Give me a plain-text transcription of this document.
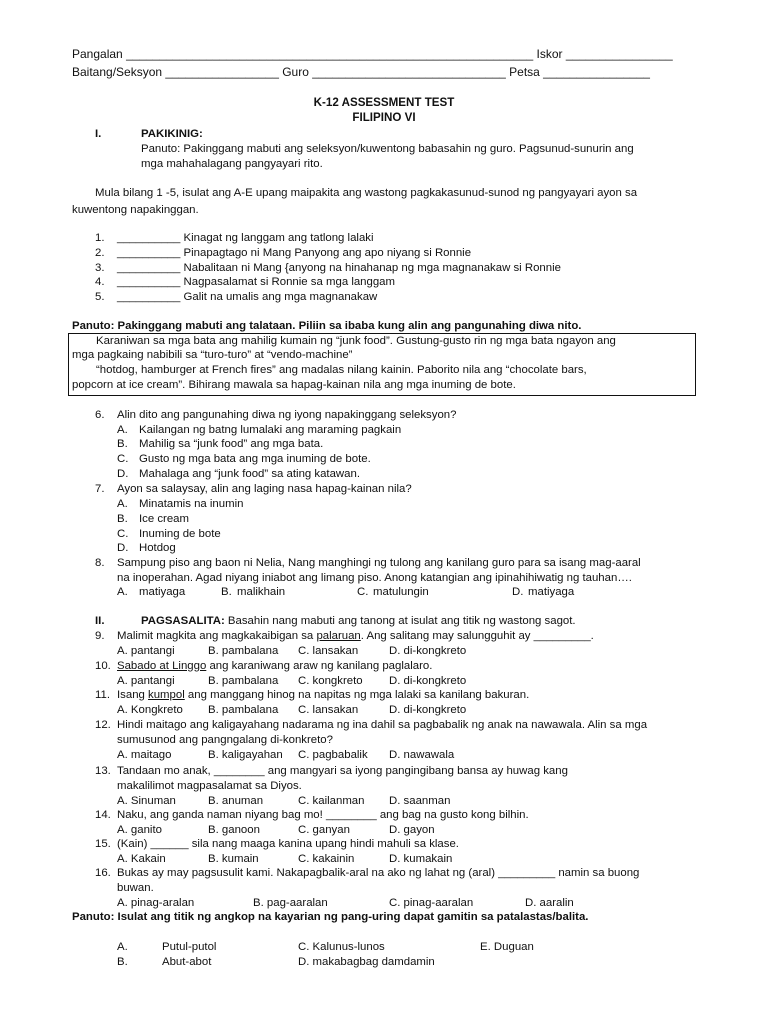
Pangalan _____________________________________________________________ Iskor ________________
Baitang/Seksyon _________________ Guro _____________________________ Petsa ________________
K-12 ASSESSMENT TEST
FILIPINO VI
I.	PAKIKINIG:
Panuto: Pakinggang mabuti ang seleksyon/kuwentong babasahin ng guro. Pagsunud-sunurin ang
mga mahahalagang pangyayari rito.
Mula bilang 1 -5, isulat ang A-E upang maipakita ang wastong pagkakasunud-sunod ng pangyayari ayon sa
kuwentong napakinggan.
1. __________ Kinagat ng langgam ang tatlong lalaki
2. __________ Pinapagtago ni Mang Panyong ang apo niyang si Ronnie
3. __________ Nabalitaan ni Mang {anyong na hinahanap ng mga magnanakaw si Ronnie
4. __________ Nagpasalamat si Ronnie sa mga langgam
5. __________ Galit na umalis ang mga magnanakaw
Panuto: Pakinggang mabuti ang talataan. Piliin sa ibaba kung alin ang pangunahing diwa nito.
Karaniwan sa mga bata ang mahilig kumain ng “junk food”. Gustung-gusto rin ng mga bata ngayon ang
mga pagkaing nabibili sa “turo-turo” at “vendo-machine”
“hotdog, hamburger at French fires” ang madalas nilang kainin. Paborito nila ang “chocolate bars,
popcorn at ice cream”. Bihirang mawala sa hapag-kainan nila ang mga inuming de bote.
6. Alin dito ang pangunahing diwa ng iyong napakinggang seleksyon?
A. Kailangan ng batng lumalaki ang maraming pagkain
B. Mahilig sa “junk food” ang mga bata.
C. Gusto ng mga bata ang mga inuming de bote.
D. Mahalaga ang “junk food” sa ating katawan.
7. Ayon sa salaysay, alin ang laging nasa hapag-kainan nila?
A. Minatamis na inumin
B. Ice cream
C. Inuming de bote
D. Hotdog
8. Sampung piso ang baon ni Nelia, Nang manghingi ng tulong ang kanilang guro para sa isang mag-aaral
na inoperahan. Agad niyang iniabot ang limang piso. Anong katangian ang ipinahihiwatig ng tauhan….
A. matiyaga	B. malikhain	C. matulungin	D. matiyaga
II.	PAGSASALITA: Basahin nang mabuti ang tanong at isulat ang titik ng wastong sagot.
9. Malimit magkita ang magkakaibigan sa palaruan. Ang salitang may salungguhit ay _________.
A. pantangi	B. pambalana C. lansakan	D. di-kongkreto
10. Sabado at Linggo ang karaniwang araw ng kanilang paglalaro.
A. pantangi	B. pambalana C. kongkreto D. di-kongkreto
11. Isang kumpol ang manggang hinog na napitas ng mga lalaki sa kanilang bakuran.
A. Kongkreto B. pambalana C. lansakan	D. di-kongkreto
12. Hindi maitago ang kaligayahang nadarama ng ina dahil sa pagbabalik ng anak na nawawala. Alin sa mga
sumusunod ang pangngalang di-konkreto?
A. maitago	B. kaligayahan C. pagbabalik D. nawawala
13. Tandaan mo anak, ________ ang mangyari sa iyong pangingibang bansa ay huwag kang
makalilimot magpasalamat sa Diyos.
A. Sinuman	B. anuman	C. kailanman D. saanman
14. Naku, ang ganda naman niyang bag mo! ________ ang bag na gusto kong bilhin.
A. ganito	B. ganoon	C. ganyan	D. gayon
15. (Kain) ______ sila nang maaga kanina upang hindi mahuli sa klase.
A. Kakain	B. kumain	C. kakainin	D. kumakain
16. Bukas ay may pagsusulit kami. Nakapagbalik-aral na ako ng lahat ng (aral) _________ namin sa buong
buwan.
A. pinag-aralan	B. pag-aaralan	C. pinag-aaralan	D. aaralin
Panuto: Isulat ang titik ng angkop na kayarian ng pang-uring dapat gamitin sa patalastas/balita.
A.	Putul-putol	C. Kalunus-lunos	E. Duguan
B.	Abut-abot	D. makabagbag damdamin
